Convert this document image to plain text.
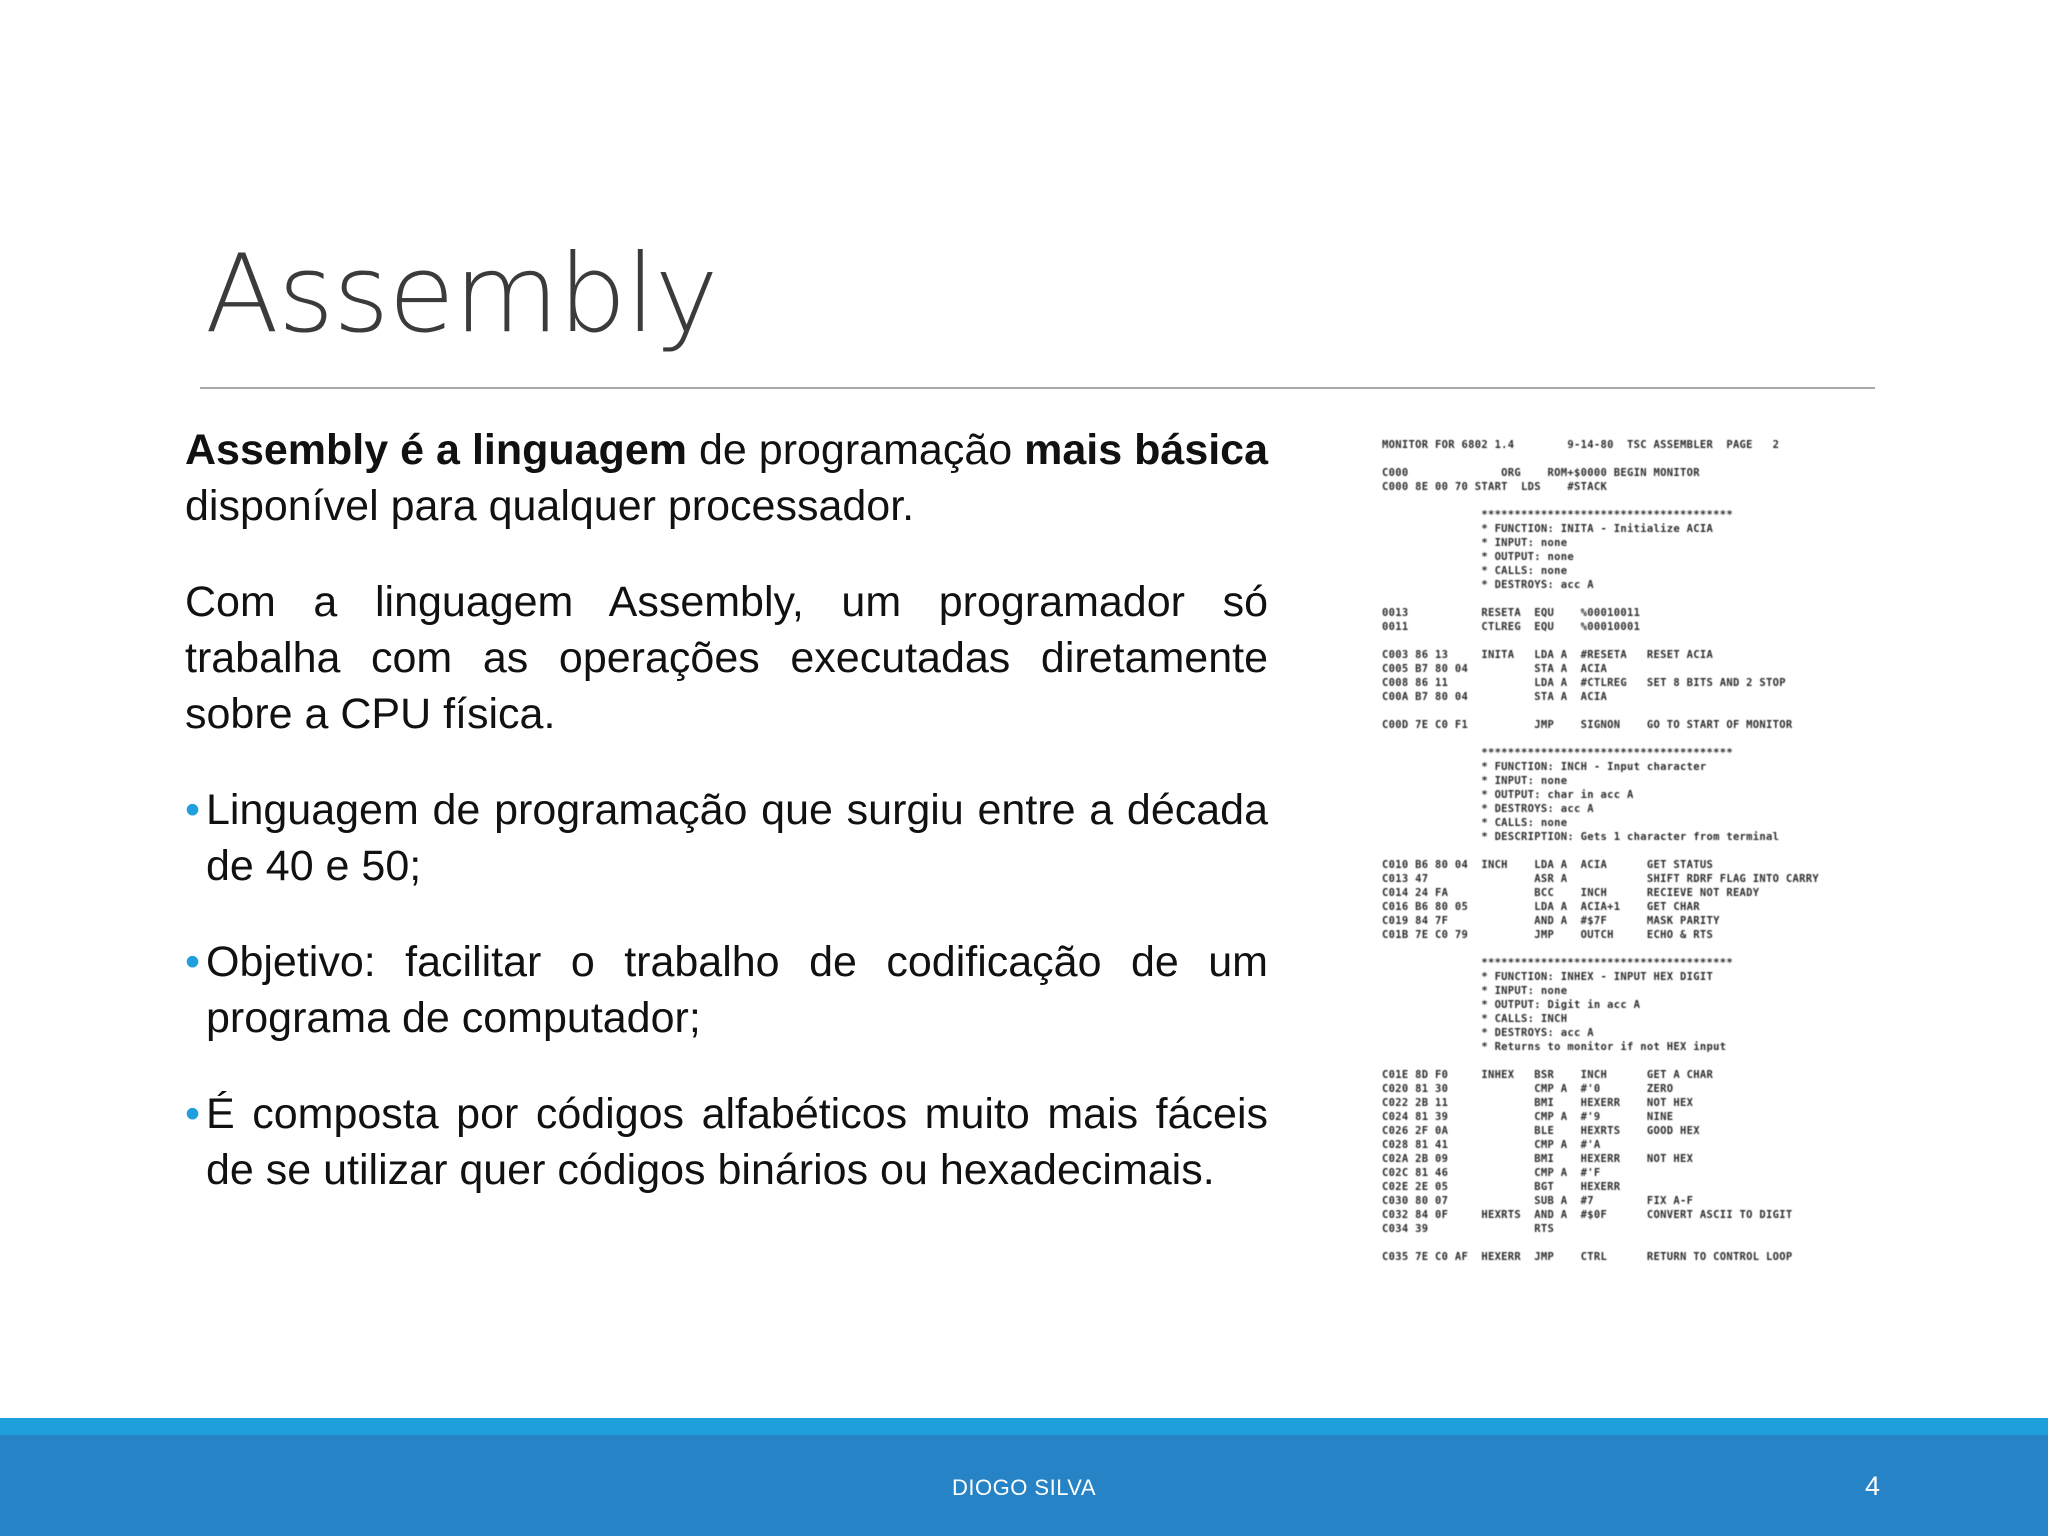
Assembly

Assembly é a linguagem de programação mais básica disponível para qualquer processador.

Com a linguagem Assembly, um programador só trabalha com as operações executadas diretamente sobre a CPU física.

• Linguagem de programação que surgiu entre a década de 40 e 50;
• Objetivo: facilitar o trabalho de codificação de um programa de computador;
• É composta por códigos alfabéticos muito mais fáceis de se utilizar quer códigos binários ou hexadecimais.
MONITOR FOR 6802 1.4        9-14-80  TSC ASSEMBLER  PAGE   2
C000              ORG    ROM+$0000 BEGIN MONITOR
C000 8E 00 70 START  LDS    #STACK
**************************************
* FUNCTION: INITA - Initialize ACIA
* INPUT: none
* OUTPUT: none
* CALLS: none
* DESTROYS: acc A
0013           RESETA  EQU    %00010011
0011           CTLREG  EQU    %00010001
C003 86 13     INITA   LDA A  #RESETA   RESET ACIA
C005 B7 80 04          STA A  ACIA
C008 86 11             LDA A  #CTLREG   SET 8 BITS AND 2 STOP
C00A B7 80 04          STA A  ACIA
C00D 7E C0 F1          JMP    SIGNON    GO TO START OF MONITOR
**************************************
* FUNCTION: INCH - Input character
* INPUT: none
* OUTPUT: char in acc A
* DESTROYS: acc A
* CALLS: none
* DESCRIPTION: Gets 1 character from terminal
C010 B6 80 04  INCH    LDA A  ACIA      GET STATUS
C013 47                ASR A            SHIFT RDRF FLAG INTO CARRY
C014 24 FA             BCC    INCH      RECIEVE NOT READY
C016 B6 80 05          LDA A  ACIA+1    GET CHAR
C019 84 7F             AND A  #$7F      MASK PARITY
C01B 7E C0 79          JMP    OUTCH     ECHO & RTS
**************************************
* FUNCTION: INHEX - INPUT HEX DIGIT
* INPUT: none
* OUTPUT: Digit in acc A
* CALLS: INCH
* DESTROYS: acc A
* Returns to monitor if not HEX input
C01E 8D F0     INHEX   BSR    INCH      GET A CHAR
C020 81 30             CMP A  #'0       ZERO
C022 2B 11             BMI    HEXERR    NOT HEX
C024 81 39             CMP A  #'9       NINE
C026 2F 0A             BLE    HEXRTS    GOOD HEX
C028 81 41             CMP A  #'A
C02A 2B 09             BMI    HEXERR    NOT HEX
C02C 81 46             CMP A  #'F
C02E 2E 05             BGT    HEXERR
C030 80 07             SUB A  #7        FIX A-F
C032 84 0F     HEXRTS  AND A  #$0F      CONVERT ASCII TO DIGIT
C034 39                RTS
C035 7E C0 AF  HEXERR  JMP    CTRL      RETURN TO CONTROL LOOP
DIOGO SILVA	4
